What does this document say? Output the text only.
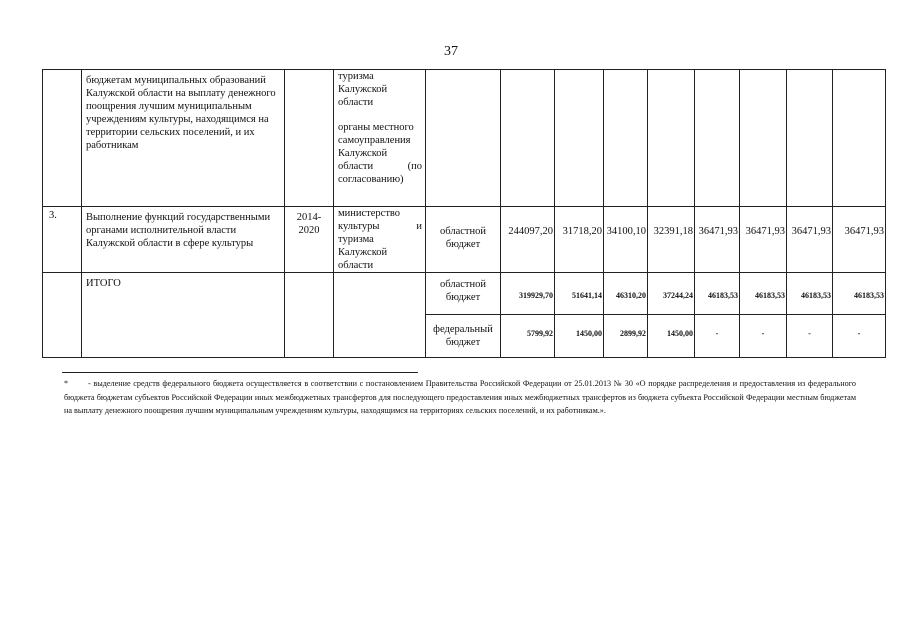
37
	бюджетам муниципальных образований Калужской области на выплату денежного поощрения лучшим муниципальным учреждениям культуры, находящимся на территории сельских поселений, и их работникам		туризма Калужской области
органы местного самоуправления Калужской
области (по
согласованию)									

3.	Выполнение функций государственными органами исполнительной власти Калужской области в сфере культуры	2014-2020	министерство
культуры и
туризма Калужской области	областной бюджет	244097,20	31718,20	34100,10	32391,18	36471,93	36471,93	36471,93	36471,93
	ИТОГО			областной бюджет	319929,70	51641,14	46310,20	37244,24	46183,53	46183,53	46183,53	46183,53
				федеральный бюджет	5799,92	1450,00	2899,92	1450,00	-	-	-	-
* - выделение средств федерального бюджета осуществляется в соответствии с постановлением Правительства Российской Федерации от 25.01.2013 № 30 «О порядке распределения и предоставления из федерального бюджета бюджетам субъектов Российской Федерации иных межбюджетных трансфертов для последующего предоставления иных межбюджетных трансфертов из бюджета субъекта Российской Федерации местным бюджетам на выплату денежного поощрения лучшим муниципальным учреждениям культуры, находящимся на территориях сельских поселений, и их работникам.».
